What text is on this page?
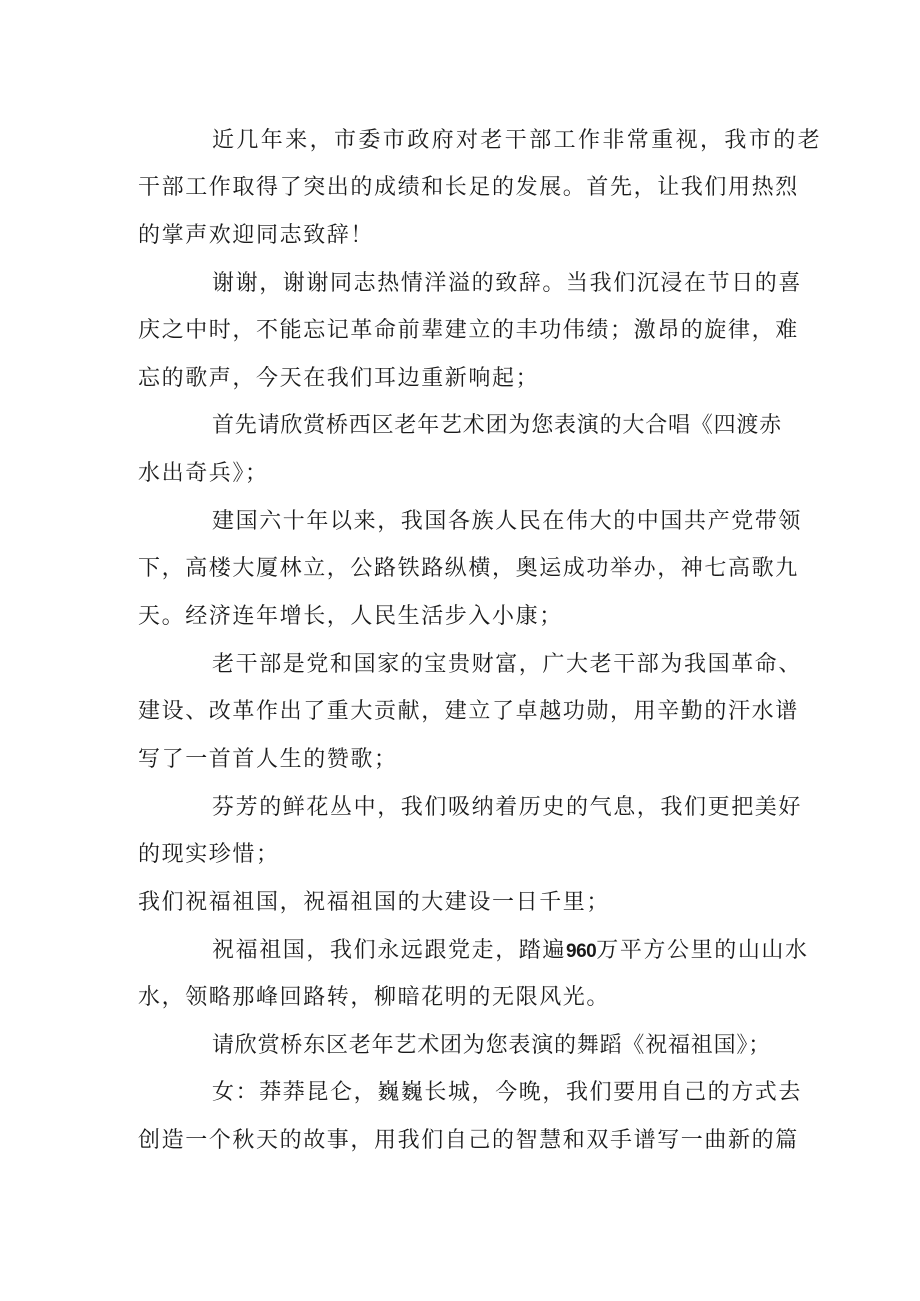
近几年来，市委市政府对老干部工作非常重视，我市的老
干部工作取得了突出的成绩和长足的发展。首先，让我们用热烈
的掌声欢迎同志致辞！
谢谢，谢谢同志热情洋溢的致辞。当我们沉浸在节日的喜
庆之中时，不能忘记革命前辈建立的丰功伟绩；激昂的旋律，难
忘的歌声，今天在我们耳边重新响起；
首先请欣赏桥西区老年艺术团为您表演的大合唱《四渡赤
水出奇兵》；
建国六十年以来，我国各族人民在伟大的中国共产党带领
下，高楼大厦林立，公路铁路纵横，奥运成功举办，神七高歌九
天。经济连年增长，人民生活步入小康；
老干部是党和国家的宝贵财富，广大老干部为我国革命、
建设、改革作出了重大贡献，建立了卓越功勋，用辛勤的汗水谱
写了一首首人生的赞歌；
芬芳的鲜花丛中，我们吸纳着历史的气息，我们更把美好
的现实珍惜；
我们祝福祖国，祝福祖国的大建设一日千里；
祝福祖国，我们永远跟党走，踏遍960万平方公里的山山水
水，领略那峰回路转，柳暗花明的无限风光。
请欣赏桥东区老年艺术团为您表演的舞蹈《祝福祖国》；
女：莽莽昆仑，巍巍长城，今晚，我们要用自己的方式去
创造一个秋天的故事，用我们自己的智慧和双手谱写一曲新的篇
